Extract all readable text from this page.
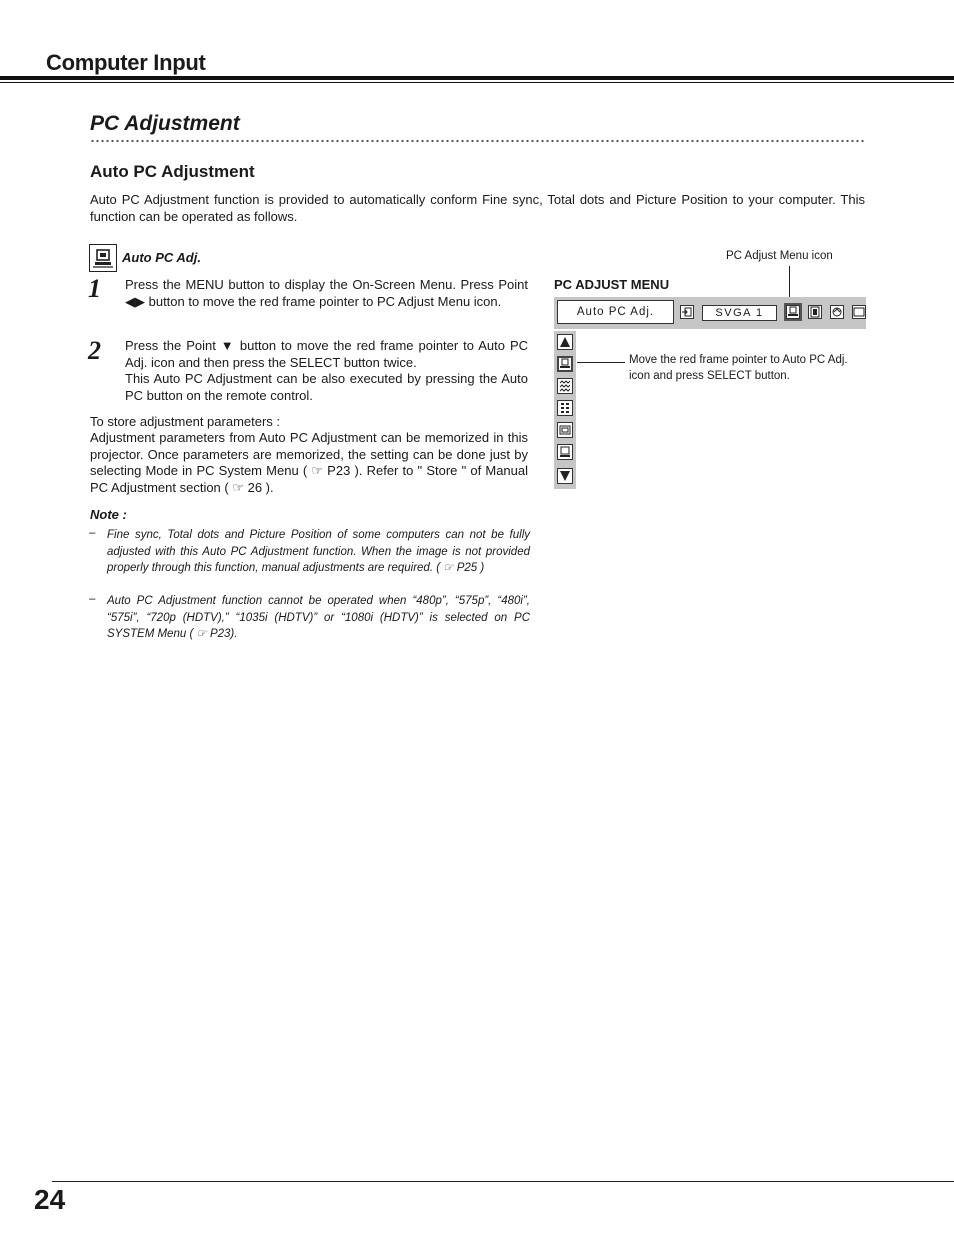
Computer Input
PC Adjustment
Auto PC Adjustment
Auto PC Adjustment function is provided to automatically conform Fine sync, Total dots and Picture Position to your computer. This function can be operated as follows.
Auto PC Adj.
1 Press the MENU button to display the On-Screen Menu. Press Point ◀▶ button to move the red frame pointer to PC Adjust Menu icon.
2 Press the Point ▼ button to move the red frame pointer to Auto PC Adj. icon and then press the SELECT button twice.
This Auto PC Adjustment can be also executed by pressing the Auto PC button on the remote control.
To store adjustment parameters :
Adjustment parameters from Auto PC Adjustment can be memorized in this projector. Once parameters are memorized, the setting can be done just by selecting Mode in PC System Menu ( ☞ P23 ). Refer to " Store " of Manual PC Adjustment section ( ☞ 26 ).
Note :
– Fine sync, Total dots and Picture Position of some computers can not be fully adjusted with this Auto PC Adjustment function. When the image is not provided properly through this function, manual adjustments are required. ( ☞ P25 )
– Auto PC Adjustment function cannot be operated when “480p”, “575p”, “480i”, “575i”, “720p (HDTV),” “1035i (HDTV)” or “1080i (HDTV)” is selected on PC SYSTEM Menu ( ☞ P23).
PC Adjust Menu icon
PC ADJUST MENU
Auto PC Adj.	SVGA 1
Move the red frame pointer to Auto PC Adj. icon and press SELECT button.
24
